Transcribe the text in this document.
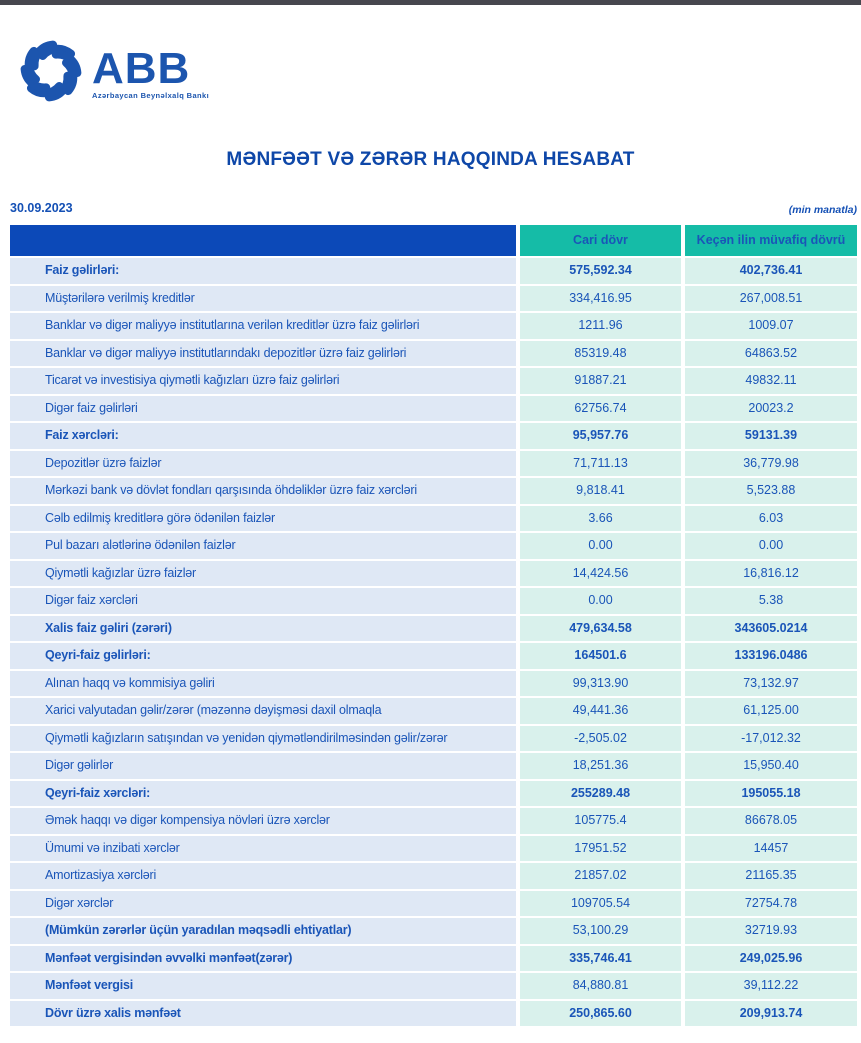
ABB
Azərbaycan Beynəlxalq Bankı
MƏNFƏƏT VƏ ZƏRƏR HAQQINDA HESABAT
30.09.2023	(min manatla)
Cari dövr	Keçən ilin müvafiq dövrü
Faiz gəlirləri:	575,592.34	402,736.41
Müştərilərə verilmiş kreditlər	334,416.95	267,008.51
Banklar və digər maliyyə institutlarına verilən kreditlər üzrə faiz gəlirləri	1211.96	1009.07
Banklar və digər maliyyə institutlarındakı depozitlər üzrə faiz gəlirləri	85319.48	64863.52
Ticarət və investisiya qiymətli kağızları üzrə faiz gəlirləri	91887.21	49832.11
Digər faiz gəlirləri	62756.74	20023.2
Faiz xərcləri:	95,957.76	59131.39
Depozitlər üzrə faizlər	71,711.13	36,779.98
Mərkəzi bank və dövlət fondları qarşısında öhdəliklər üzrə faiz xərcləri	9,818.41	5,523.88
Cəlb edilmiş kreditlərə görə ödənilən faizlər	3.66	6.03
Pul bazarı alətlərinə ödənilən faizlər	0.00	0.00
Qiymətli kağızlar üzrə faizlər	14,424.56	16,816.12
Digər faiz xərcləri	0.00	5.38
Xalis faiz gəliri (zərəri)	479,634.58	343605.0214
Qeyri-faiz gəlirləri:	164501.6	133196.0486
Alınan haqq və kommisiya gəliri	99,313.90	73,132.97
Xarici valyutadan gəlir/zərər (məzənnə dəyişməsi daxil olmaqla	49,441.36	61,125.00
Qiymətli kağızların satışından və yenidən qiymətləndirilməsindən gəlir/zərər	-2,505.02	-17,012.32
Digər gəlirlər	18,251.36	15,950.40
Qeyri-faiz xərcləri:	255289.48	195055.18
Əmək haqqı və digər kompensiya növləri üzrə xərclər	105775.4	86678.05
Ümumi və inzibati xərclər	17951.52	14457
Amortizasiya xərcləri	21857.02	21165.35
Digər xərclər	109705.54	72754.78
(Mümkün zərərlər üçün yaradılan məqsədli ehtiyatlar)	53,100.29	32719.93
Mənfəət vergisindən əvvəlki mənfəət(zərər)	335,746.41	249,025.96
Mənfəət vergisi	84,880.81	39,112.22
Dövr üzrə xalis mənfəət	250,865.60	209,913.74
